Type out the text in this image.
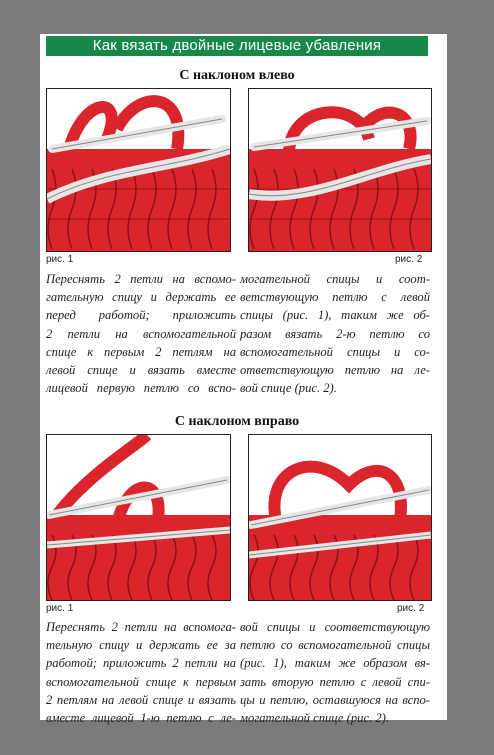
Как вязать двойные лицевые убавления
С наклоном влево
рис. 1	рис. 2
Переснять 2 петли на вспомо-
гательную спицу и держать ее
перед работой; приложить
2 петли на вспомогательной
спице к первым 2 петлям на
левой спице и вязать вместе
лицевой первую петлю со вспо-
могательной спицы и соот-
ветствующую петлю с левой
спицы (рис. 1), таким же об-
разом вязать 2-ю петлю со
вспомогательной спицы и со-
ответствующую петлю на ле-
вой спице (рис. 2).
С наклоном вправо
рис. 1	рис. 2
Переснять 2 петли на вспомога-
тельную спицу и держать ее за
работой; приложить 2 петли на
вспомогательной спице к первым
2 петлям на левой спице и вязать
вместе лицевой 1-ю петлю с ле-
вой спицы и соответствующую
петлю со вспомогательной спицы
(рис. 1), таким же образом вя-
зать вторую петлю с левой спи-
цы и петлю, оставшуюся на вспо-
могательной спице (рис. 2).
